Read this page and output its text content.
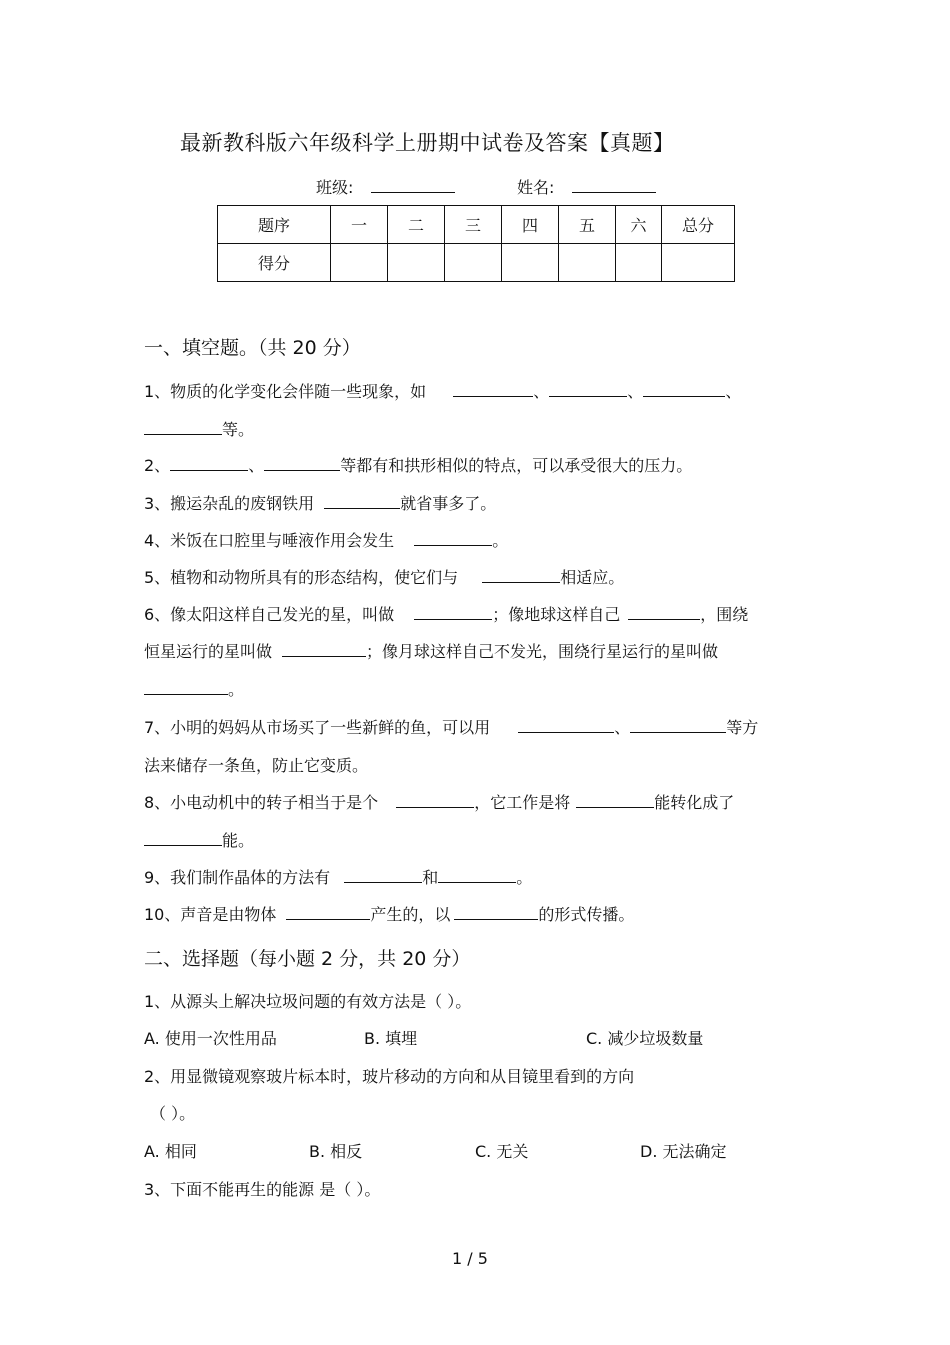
最新教科版六年级科学上册期中试卷及答案【真题】
班级:	姓名:
题序	一	二	三	四	五	六	总分
得分							
一、填空题。（共 20 分）
1、物质的化学变化会伴随一些现象，如	、	、	、
等。
2、	、	等都有和拱形相似的特点，可以承受很大的压力。
3、搬运杂乱的废钢铁用	就省事多了。
4、米饭在口腔里与唾液作用会发生	。
5、植物和动物所具有的形态结构，使它们与	相适应。
6、像太阳这样自己发光的星，叫做	；像地球这样自己	，围绕
恒星运行的星叫做	；像月球这样自己不发光，围绕行星运行的星叫做
。
7、小明的妈妈从市场买了一些新鲜的鱼，可以用	、	等方
法来储存一条鱼，防止它变质。
8、小电动机中的转子相当于是个	，它工作是将	能转化成了
能。
9、我们制作晶体的方法有	和	。
10、声音是由物体	产生的，以	的形式传播。
二、选择题（每小题 2 分，共 20 分）
1、从源头上解决垃圾问题的有效方法是（ ）。
A. 使用一次性用品	B. 填埋	C. 减少垃圾数量
2、用显微镜观察玻片标本时，玻片移动的方向和从目镜里看到的方向
（ ）。
A. 相同	B. 相反	C. 无关	D. 无法确定
3、下面不能再生的能源 是（ ）。
1 / 5
